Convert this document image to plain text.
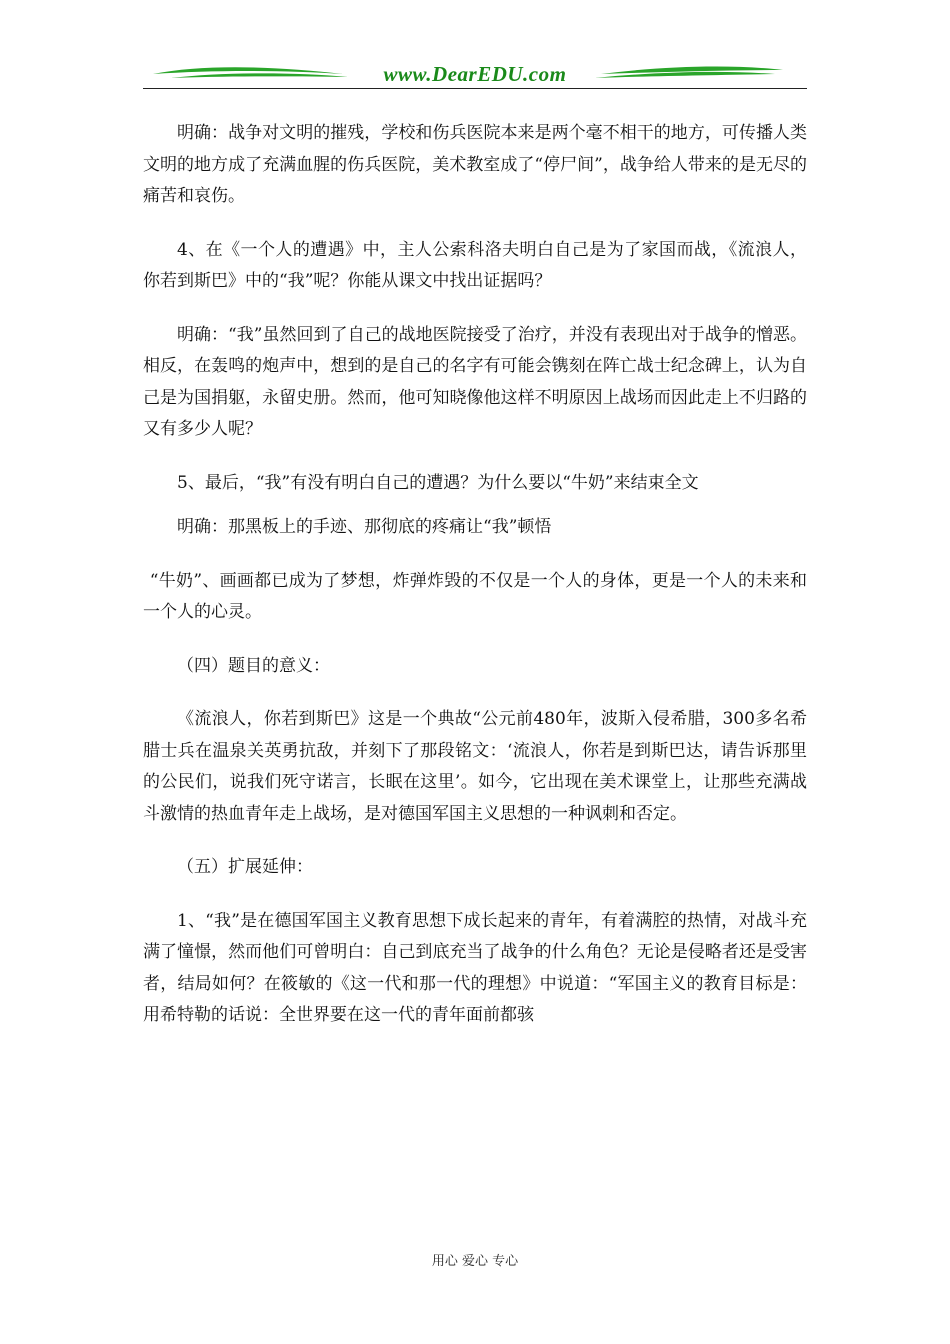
www.DearEDU.com

明确：战争对文明的摧残，学校和伤兵医院本来是两个毫不相干的地方，可传播人类文明的地方成了充满血腥的伤兵医院，美术教室成了“停尸间”，战争给人带来的是无尽的痛苦和哀伤。

4、在《一个人的遭遇》中，主人公索科洛夫明白自己是为了家国而战，《流浪人，你若到斯巴》中的“我”呢？你能从课文中找出证据吗？

明确：“我”虽然回到了自己的战地医院接受了治疗，并没有表现出对于战争的憎恶。相反，在轰鸣的炮声中，想到的是自己的名字有可能会镌刻在阵亡战士纪念碑上，认为自己是为国捐躯，永留史册。然而，他可知晓像他这样不明原因上战场而因此走上不归路的又有多少人呢？

5、最后，“我”有没有明白自己的遭遇？为什么要以“牛奶”来结束全文

明确：那黑板上的手迹、那彻底的疼痛让“我”顿悟

“牛奶”、画画都已成为了梦想，炸弹炸毁的不仅是一个人的身体，更是一个人的未来和一个人的心灵。

（四）题目的意义：

《流浪人，你若到斯巴》这是一个典故“公元前480年，波斯入侵希腊，300多名希腊士兵在温泉关英勇抗敌，并刻下了那段铭文：‘流浪人，你若是到斯巴达，请告诉那里的公民们，说我们死守诺言，长眠在这里’。如今，它出现在美术课堂上，让那些充满战斗激情的热血青年走上战场，是对德国军国主义思想的一种讽刺和否定。

（五）扩展延伸：

1、“我”是在德国军国主义教育思想下成长起来的青年，有着满腔的热情，对战斗充满了憧憬，然而他们可曾明白：自己到底充当了战争的什么角色？无论是侵略者还是受害者，结局如何？在筱敏的《这一代和那一代的理想》中说道：“军国主义的教育目标是：用希特勒的话说：全世界要在这一代的青年面前都骇

用心 爱心 专心
